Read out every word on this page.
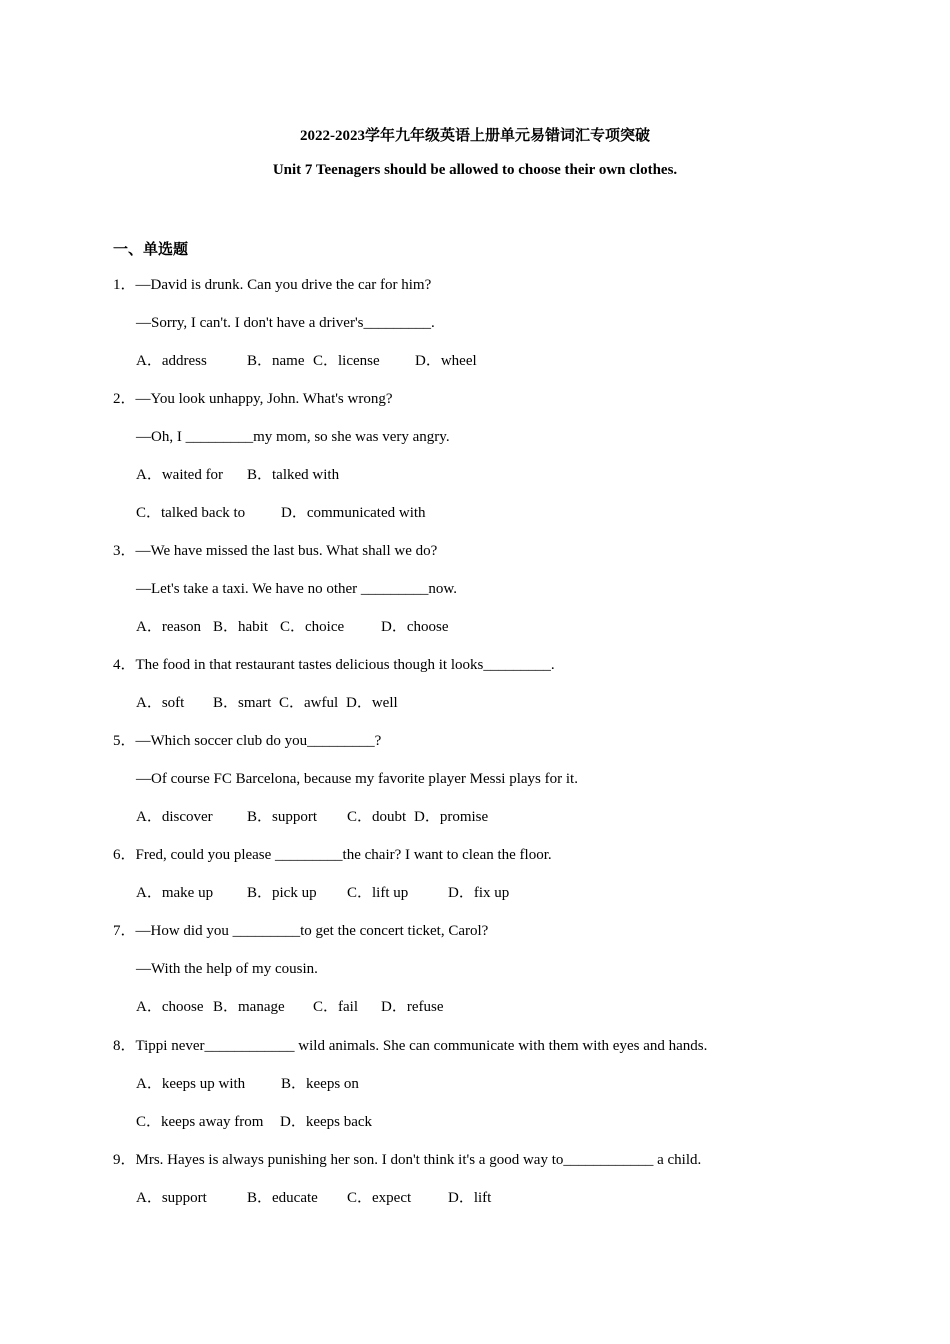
2022-2023学年九年级英语上册单元易错词汇专项突破
Unit 7 Teenagers should be allowed to choose their own clothes.
一、单选题
1．—David is drunk. Can you drive the car for him?
—Sorry, I can't. I don't have a driver's_________.
A．address	B．name C．license D．wheel
2．—You look unhappy, John. What's wrong?
—Oh, I _________my mom, so she was very angry.
A．waited for B．talked with
C．talked back to D．communicated with
3．—We have missed the last bus. What shall we do?
—Let's take a taxi. We have no other _________now.
A．reason B．habit C．choice D．choose
4．The food in that restaurant tastes delicious though it looks_________.
A．soft B．smart C．awful D．well
5．—Which soccer club do you_________?
—Of course FC Barcelona, because my favorite player Messi plays for it.
A．discover B．support C．doubt D．promise
6．Fred, could you please _________the chair? I want to clean the floor.
A．make up B．pick up C．lift up	D．fix up
7．—How did you _________to get the concert ticket, Carol?
—With the help of my cousin.
A．choose B．manage C．fail D．refuse
8．Tippi never____________ wild animals. She can communicate with them with eyes and hands.
A．keeps up with B．keeps on
C．keeps away from D．keeps back
9．Mrs. Hayes is always punishing her son. I don't think it's a good way to____________ a child.
A．support	B．educate C．expect D．lift
